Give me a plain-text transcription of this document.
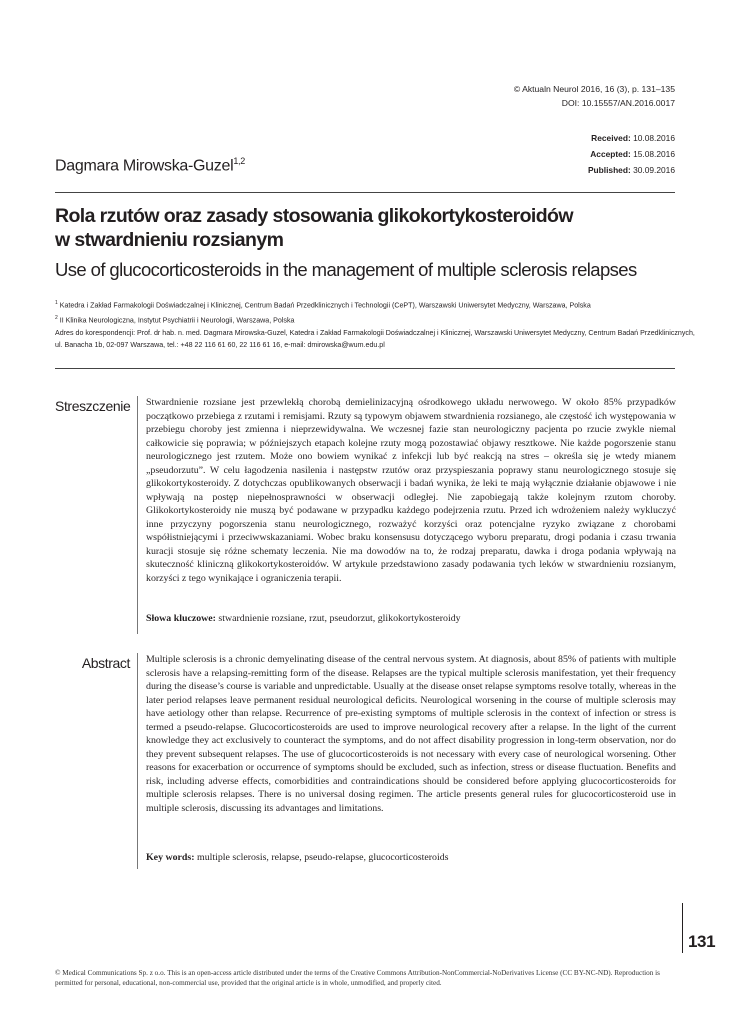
© Aktualn Neurol 2016, 16 (3), p. 131–135
DOI: 10.15557/AN.2016.0017
Received: 10.08.2016
Accepted: 15.08.2016
Published: 30.09.2016
Dagmara Mirowska-Guzel$^{1,2}$
Rola rzutów oraz zasady stosowania glikokortykosteroidów
w stwardnieniu rozsianym
Use of glucocorticosteroids in the management of multiple sclerosis relapses
$^1$ Katedra i Zakład Farmakologii Doświadczalnej i Klinicznej, Centrum Badań Przedklinicznych i Technologii (CePT), Warszawski Uniwersytet Medyczny, Warszawa, Polska
$^2$ II Klinika Neurologiczna, Instytut Psychiatrii i Neurologii, Warszawa, Polska
Adres do korespondencji: Prof. dr hab. n. med. Dagmara Mirowska-Guzel, Katedra i Zakład Farmakologii Doświadczalnej i Klinicznej, Warszawski Uniwersytet Medyczny, Centrum Badań Przedklinicznych,
ul. Banacha 1b, 02-097 Warszawa, tel.: +48 22 116 61 60, 22 116 61 16, e-mail: dmirowska@wum.edu.pl
Streszczenie Stwardnienie rozsiane jest przewlekłą chorobą demielinizacyjną ośrodkowego układu nerwowego. W około 85% przypadków początkowo przebiega z rzutami i remisjami. Rzuty są typowym objawem stwardnienia rozsianego, ale częstość ich występowania w przebiegu choroby jest zmienna i nieprzewidywalna. We wczesnej fazie stan neurologiczny pacjenta po rzucie zwykle niemal całkowicie się poprawia; w późniejszych etapach kolejne rzuty mogą pozostawiać objawy resztkowe. Nie każde pogorszenie stanu neurologicznego jest rzutem. Może ono bowiem wynikać z infekcji lub być reakcją na stres – określa się je wtedy mianem „pseudorzutu”. W celu łagodzenia nasilenia i następstw rzutów oraz przyspieszania poprawy stanu neurologicznego stosuje się glikokortykosteroidy. Z dotychczas opublikowanych obserwacji i badań wynika, że leki te mają wyłącznie działanie objawowe i nie wpływają na postęp niepełnosprawności w obserwacji odległej. Nie zapobiegają także kolejnym rzutom choroby. Glikokortykosteroidy nie muszą być podawane w przypadku każdego podejrzenia rzutu. Przed ich wdrożeniem należy wykluczyć inne przyczyny pogorszenia stanu neurologicznego, rozważyć korzyści oraz potencjalne ryzyko związane z chorobami współistniejącymi i przeciwwskazaniami. Wobec braku konsensusu dotyczącego wyboru preparatu, drogi podania i czasu trwania kuracji stosuje się różne schematy leczenia. Nie ma dowodów na to, że rodzaj preparatu, dawka i droga podania wpływają na skuteczność kliniczną glikokortykosteroidów. W artykule przedstawiono zasady podawania tych leków w stwardnieniu rozsianym, korzyści z tego wynikające i ograniczenia terapii.
Słowa kluczowe: stwardnienie rozsiane, rzut, pseudorzut, glikokortykosteroidy
Abstract Multiple sclerosis is a chronic demyelinating disease of the central nervous system. At diagnosis, about 85% of patients with multiple sclerosis have a relapsing-remitting form of the disease. Relapses are the typical multiple sclerosis manifestation, yet their frequency during the disease’s course is variable and unpredictable. Usually at the disease onset relapse symptoms resolve totally, whereas in the later period relapses leave permanent residual neurological deficits. Neurological worsening in the course of multiple sclerosis may have aetiology other than relapse. Recurrence of pre-existing symptoms of multiple sclerosis in the context of infection or stress is termed a pseudo-relapse. Glucocorticosteroids are used to improve neurological recovery after a relapse. In the light of the current knowledge they act exclusively to counteract the symptoms, and do not affect disability progression in long-term observation, nor do they prevent subsequent relapses. The use of glucocorticosteroids is not necessary with every case of neurological worsening. Other reasons for exacerbation or occurrence of symptoms should be excluded, such as infection, stress or disease fluctuation. Benefits and risk, including adverse effects, comorbidities and contraindications should be considered before applying glucocorticosteroids for multiple sclerosis relapses. There is no universal dosing regimen. The article presents general rules for glucocorticosteroid use in multiple sclerosis, discussing its advantages and limitations.
Key words: multiple sclerosis, relapse, pseudo-relapse, glucocorticosteroids
131
© Medical Communications Sp. z o.o. This is an open-access article distributed under the terms of the Creative Commons Attribution-NonCommercial-NoDerivatives License (CC BY-NC-ND). Reproduction is permitted for personal, educational, non-commercial use, provided that the original article is in whole, unmodified, and properly cited.
